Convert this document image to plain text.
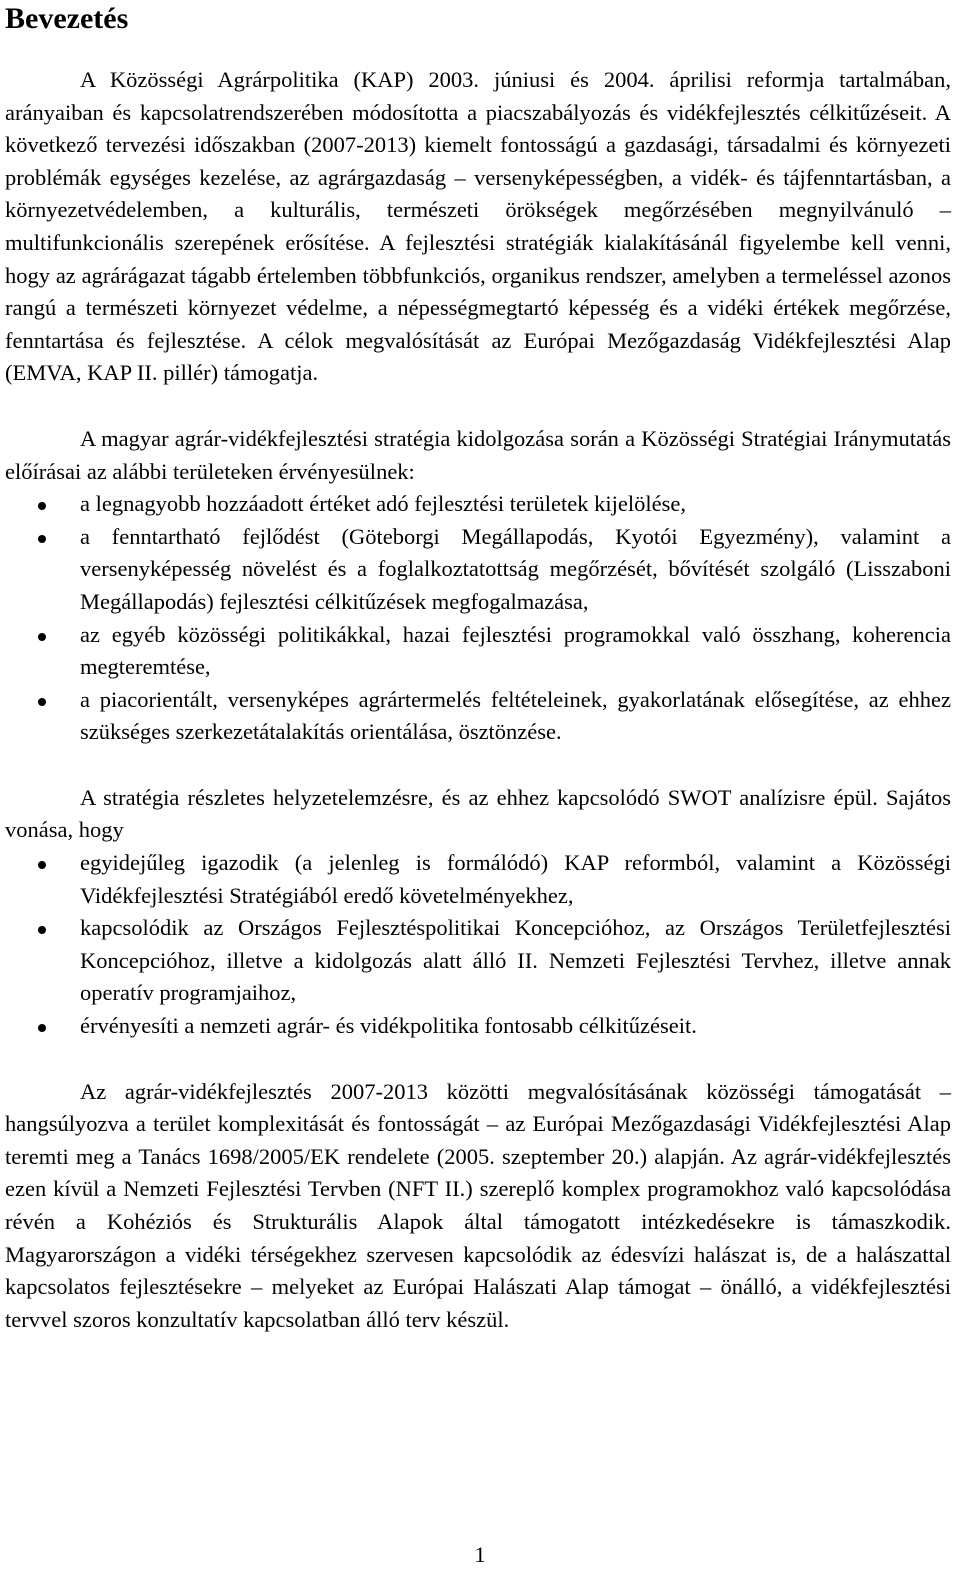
Bevezetés

A Közösségi Agrárpolitika (KAP) 2003. júniusi és 2004. áprilisi reformja tartalmában, arányaiban és kapcsolatrendszerében módosította a piacszabályozás és vidékfejlesztés célkitűzéseit. A következő tervezési időszakban (2007-2013) kiemelt fontosságú a gazdasági, társadalmi és környezeti problémák egységes kezelése, az agrárgazdaság – versenyképességben, a vidék- és tájfenntartásban, a környezetvédelemben, a kulturális, természeti örökségek megőrzésében megnyilvánuló – multifunkcionális szerepének erősítése. A fejlesztési stratégiák kialakításánál figyelembe kell venni, hogy az agrárágazat tágabb értelemben többfunkciós, organikus rendszer, amelyben a termeléssel azonos rangú a természeti környezet védelme, a népességmegtartó képesség és a vidéki értékek megőrzése, fenntartása és fejlesztése. A célok megvalósítását az Európai Mezőgazdaság Vidékfejlesztési Alap (EMVA, KAP II. pillér) támogatja.

A magyar agrár-vidékfejlesztési stratégia kidolgozása során a Közösségi Stratégiai Iránymutatás előírásai az alábbi területeken érvényesülnek:

a legnagyobb hozzáadott értéket adó fejlesztési területek kijelölése,
a fenntartható fejlődést (Göteborgi Megállapodás, Kyotói Egyezmény), valamint a versenyképesség növelést és a foglalkoztatottság megőrzését, bővítését szolgáló (Lisszaboni Megállapodás) fejlesztési célkitűzések megfogalmazása,
az egyéb közösségi politikákkal, hazai fejlesztési programokkal való összhang, koherencia megteremtése,
a piacorientált, versenyképes agrártermelés feltételeinek, gyakorlatának elősegítése, az ehhez szükséges szerkezetátalakítás orientálása, ösztönzése.

A stratégia részletes helyzetelemzésre, és az ehhez kapcsolódó SWOT analízisre épül. Sajátos vonása, hogy

egyidejűleg igazodik (a jelenleg is formálódó) KAP reformból, valamint a Közösségi Vidékfejlesztési Stratégiából eredő követelményekhez,
kapcsolódik az Országos Fejlesztéspolitikai Koncepcióhoz, az Országos Területfejlesztési Koncepcióhoz, illetve a kidolgozás alatt álló II. Nemzeti Fejlesztési Tervhez, illetve annak operatív programjaihoz,
érvényesíti a nemzeti agrár- és vidékpolitika fontosabb célkitűzéseit.

Az agrár-vidékfejlesztés 2007-2013 közötti megvalósításának közösségi támogatását – hangsúlyozva a terület komplexitását és fontosságát – az Európai Mezőgazdasági Vidékfejlesztési Alap teremti meg a Tanács 1698/2005/EK rendelete (2005. szeptember 20.) alapján. Az agrár-vidékfejlesztés ezen kívül a Nemzeti Fejlesztési Tervben (NFT II.) szereplő komplex programokhoz való kapcsolódása révén a Kohéziós és Strukturális Alapok által támogatott intézkedésekre is támaszkodik. Magyarországon a vidéki térségekhez szervesen kapcsolódik az édesvízi halászat is, de a halászattal kapcsolatos fejlesztésekre – melyeket az Európai Halászati Alap támogat – önálló, a vidékfejlesztési tervvel szoros konzultatív kapcsolatban álló terv készül.

1
